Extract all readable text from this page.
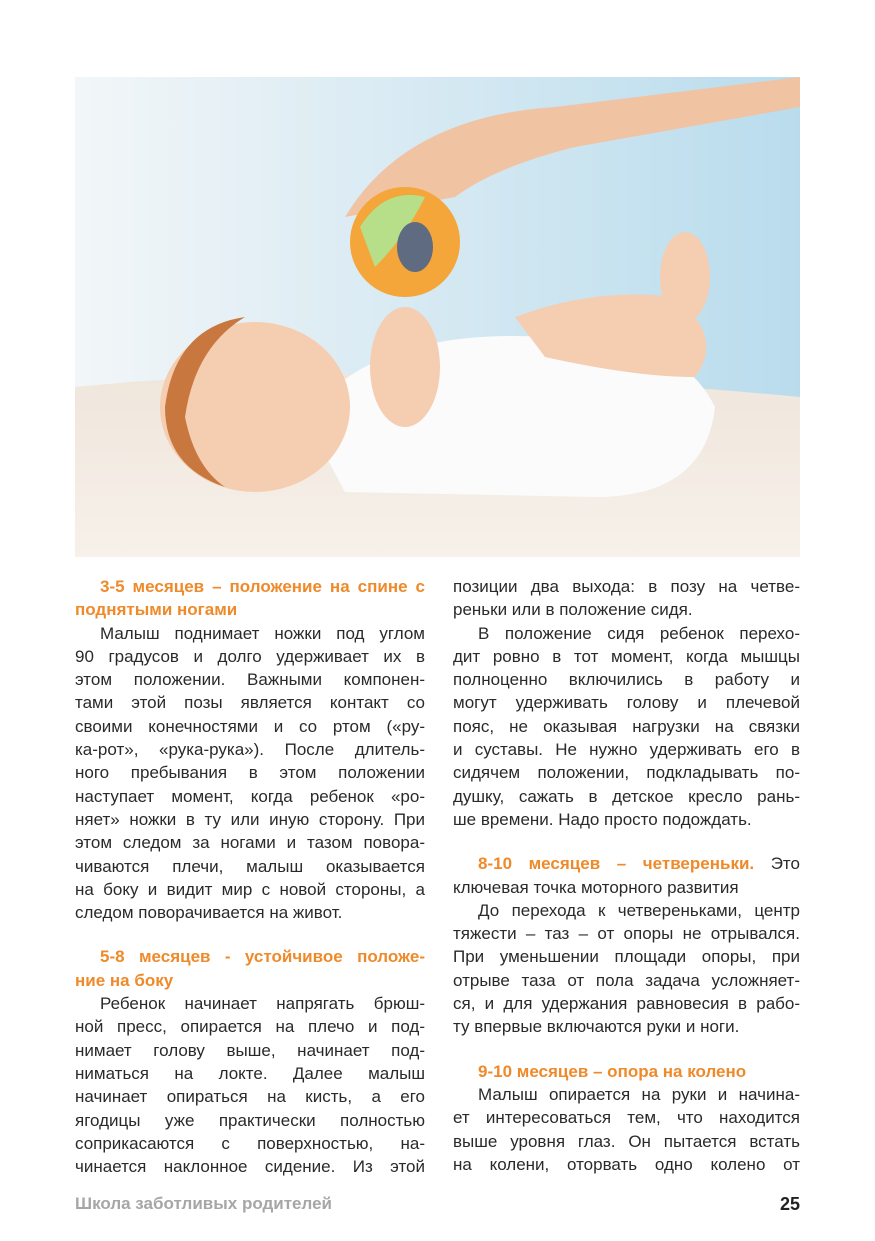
3-5 месяцев – положение на спине с
поднятыми ногами
Малыш поднимает ножки под углом
90 градусов и долго удерживает их в
этом положении. Важными компонен-
тами этой позы является контакт со
своими конечностями и со ртом («ру-
ка-рот», «рука-рука»). После длитель-
ного пребывания в этом положении
наступает момент, когда ребенок «ро-
няет» ножки в ту или иную сторону. При
этом следом за ногами и тазом повора-
чиваются плечи, малыш оказывается
на боку и видит мир с новой стороны, а
следом поворачивается на живот.
5-8 месяцев - устойчивое положе-
ние на боку
Ребенок начинает напрягать брюш-
ной пресс, опирается на плечо и под-
нимает голову выше, начинает под-
ниматься на локте. Далее малыш
начинает опираться на кисть, а его
ягодицы уже практически полностью
соприкасаются с поверхностью, на-
чинается наклонное сидение. Из этой
позиции два выхода: в позу на четве-
реньки или в положение сидя.
В положение сидя ребенок перехо-
дит ровно в тот момент, когда мышцы
полноценно включились в работу и
могут удерживать голову и плечевой
пояс, не оказывая нагрузки на связки
и суставы. Не нужно удерживать его в
сидячем положении, подкладывать по-
душку, сажать в детское кресло рань-
ше времени. Надо просто подождать.
8-10 месяцев – четвереньки. Это
ключевая точка моторного развития
До перехода к четвереньками, центр
тяжести – таз – от опоры не отрывался.
При уменьшении площади опоры, при
отрыве таза от пола задача усложняет-
ся, и для удержания равновесия в рабо-
ту впервые включаются руки и ноги.
9-10 месяцев – опора на колено
Малыш опирается на руки и начина-
ет интересоваться тем, что находится
выше уровня глаз. Он пытается встать
на колени, оторвать одно колено от
Школа заботливых родителей	25
